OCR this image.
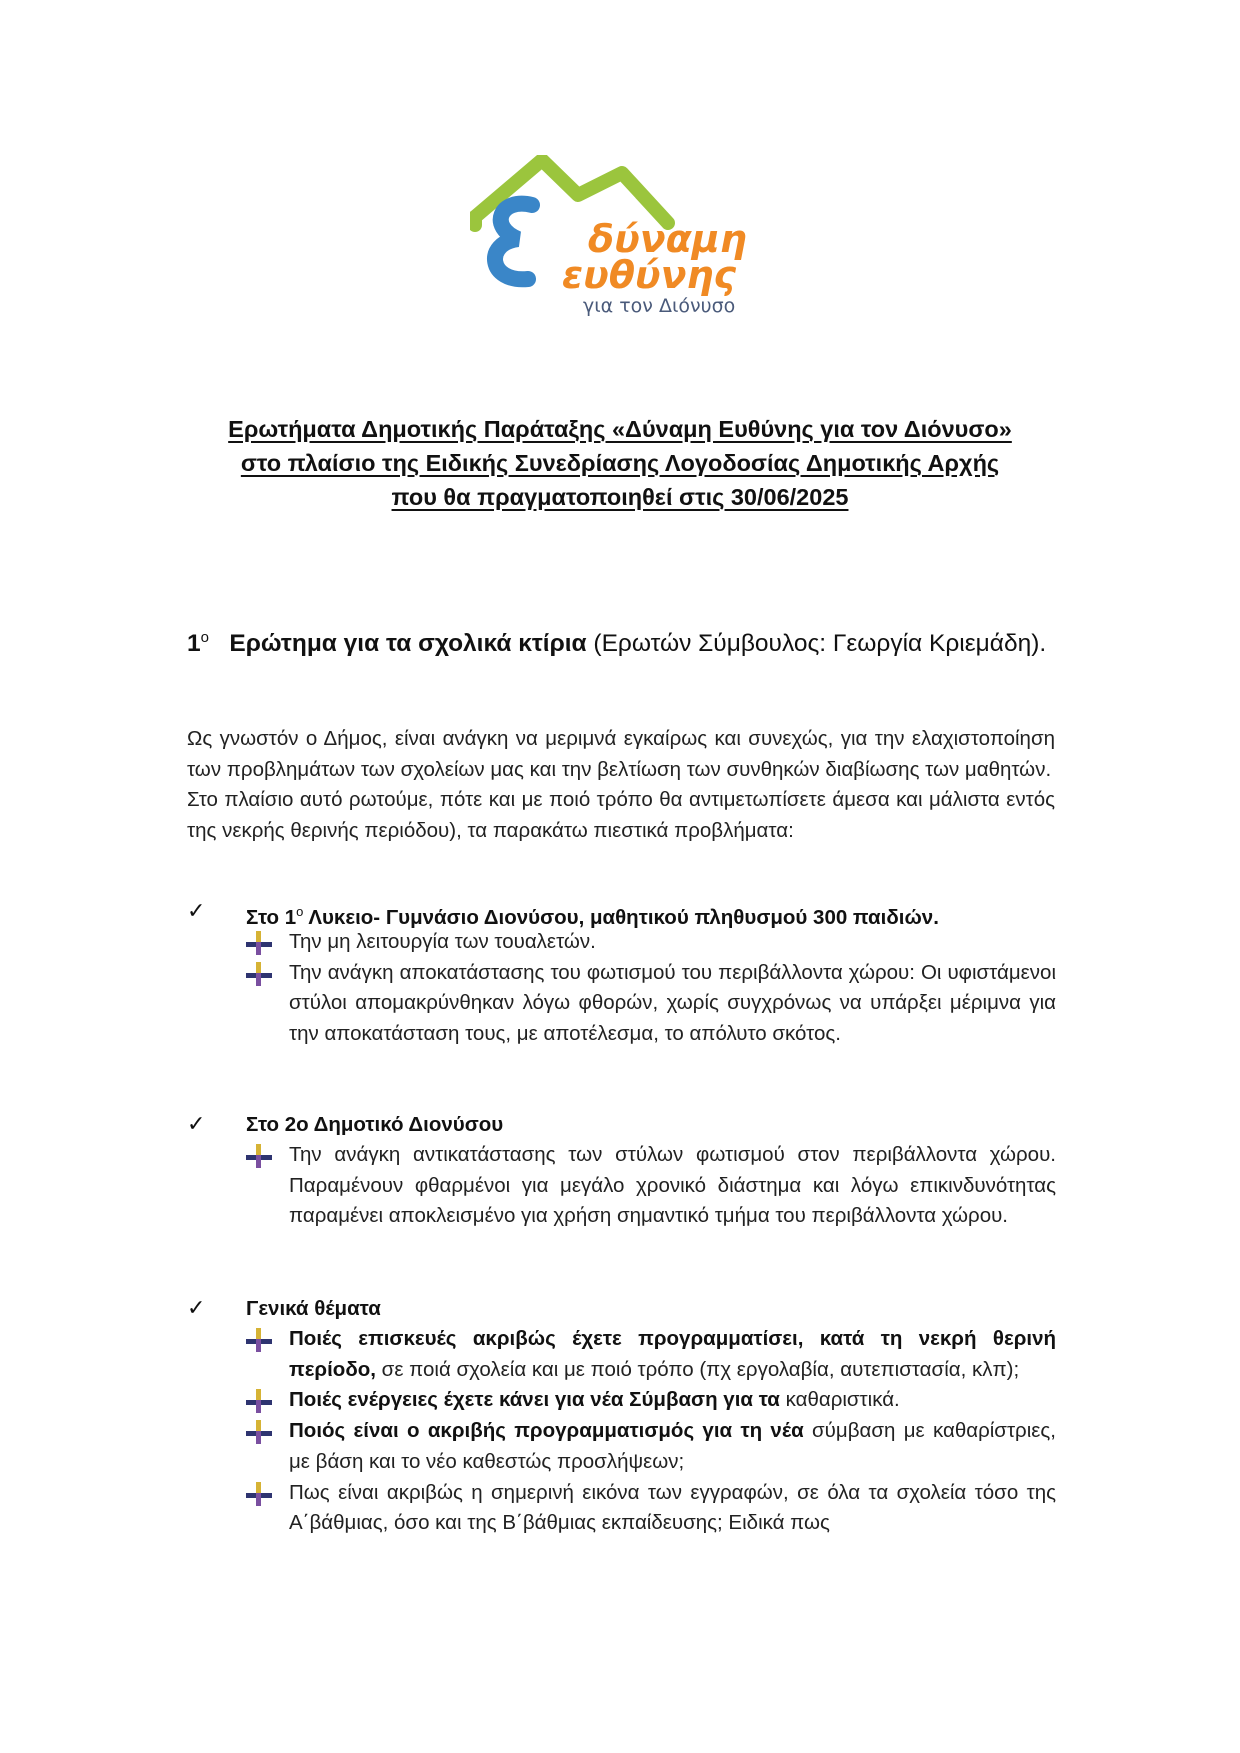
δύναμη
ευθύνης
για τον Διόνυσο
Ερωτήματα Δημοτικής Παράταξης «Δύναμη Ευθύνης για τον Διόνυσο»
στο πλαίσιο της Ειδικής Συνεδρίασης Λογοδοσίας Δημοτικής Αρχής
που θα πραγματοποιηθεί στις 30/06/2025
$1^o$ Ερώτημα για τα σχολικά κτίρια (Ερωτών Σύμβουλος: Γεωργία Κριεμάδη).

Ως γνωστόν ο Δήμος, είναι ανάγκη να μεριμνά εγκαίρως και συνεχώς, για την ελαχιστοποίηση των προβλημάτων των σχολείων μας και την βελτίωση των συνθηκών διαβίωσης των μαθητών.

Στο πλαίσιο αυτό ρωτούμε, πότε και με ποιό τρόπο θα αντιμετωπίσετε άμεσα και μάλιστα εντός της νεκρής θερινής περιόδου), τα παρακάτω πιεστικά προβλήματα:

✓ Στο $1^o$ Λυκειο- Γυμνάσιο Διονύσου, μαθητικού πληθυσμού 300 παιδιών.
Την μη λειτουργία των τουαλετών.
Την ανάγκη αποκατάστασης του φωτισμού του περιβάλλοντα χώρου: Οι υφιστάμενοι στύλοι απομακρύνθηκαν λόγω φθορών, χωρίς συγχρόνως να υπάρξει μέριμνα για την αποκατάσταση τους, με αποτέλεσμα, το απόλυτο σκότος.
✓ Στο 2ο Δημοτικό Διονύσου
Την ανάγκη αντικατάστασης των στύλων φωτισμού στον περιβάλλοντα χώρου. Παραμένουν φθαρμένοι για μεγάλο χρονικό διάστημα και λόγω επικινδυνότητας παραμένει αποκλεισμένο για χρήση σημαντικό τμήμα του περιβάλλοντα χώρου.
✓ Γενικά θέματα
Ποιές επισκευές ακριβώς έχετε προγραμματίσει, κατά τη νεκρή θερινή περίοδο, σε ποιά σχολεία και με ποιό τρόπο (πχ εργολαβία, αυτεπιστασία, κλπ);
Ποιές ενέργειες έχετε κάνει για νέα Σύμβαση για τα καθαριστικά.
Ποιός είναι ο ακριβής προγραμματισμός για τη νέα σύμβαση με καθαρίστριες, με βάση και το νέο καθεστώς προσλήψεων;
Πως είναι ακριβώς η σημερινή εικόνα των εγγραφών, σε όλα τα σχολεία τόσο της Α΄βάθμιας, όσο και της Β΄βάθμιας εκπαίδευσης; Ειδικά πως
